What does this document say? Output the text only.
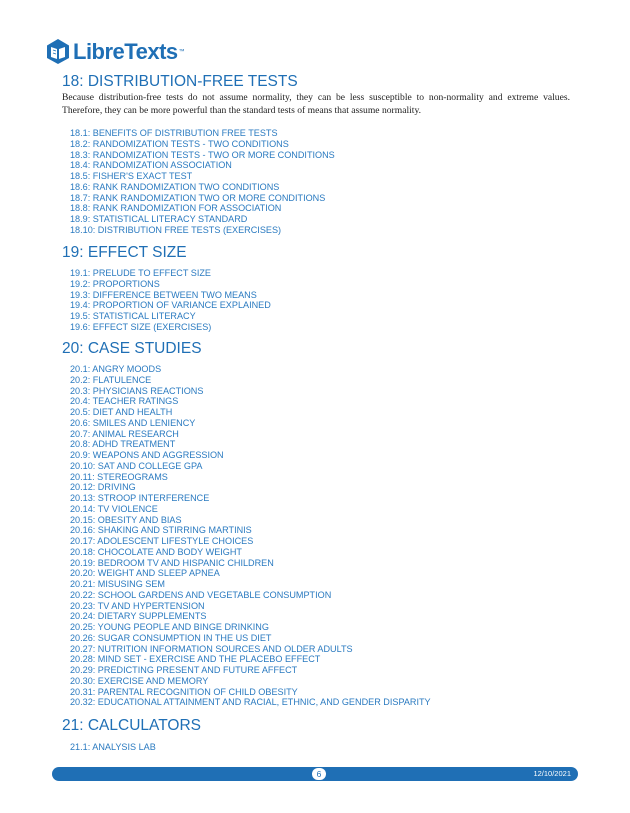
LibreTexts ™
18: DISTRIBUTION-FREE TESTS

Because distribution-free tests do not assume normality, they can be less susceptible to non-normality and extreme values. Therefore, they can be more powerful than the standard tests of means that assume normality.

18.1: BENEFITS OF DISTRIBUTION FREE TESTS
18.2: RANDOMIZATION TESTS - TWO CONDITIONS
18.3: RANDOMIZATION TESTS - TWO OR MORE CONDITIONS
18.4: RANDOMIZATION ASSOCIATION
18.5: FISHER'S EXACT TEST
18.6: RANK RANDOMIZATION TWO CONDITIONS
18.7: RANK RANDOMIZATION TWO OR MORE CONDITIONS
18.8: RANK RANDOMIZATION FOR ASSOCIATION
18.9: STATISTICAL LITERACY STANDARD
18.10: DISTRIBUTION FREE TESTS (EXERCISES)
19: EFFECT SIZE
19.1: PRELUDE TO EFFECT SIZE
19.2: PROPORTIONS
19.3: DIFFERENCE BETWEEN TWO MEANS
19.4: PROPORTION OF VARIANCE EXPLAINED
19.5: STATISTICAL LITERACY
19.6: EFFECT SIZE (EXERCISES)
20: CASE STUDIES
20.1: ANGRY MOODS
20.2: FLATULENCE
20.3: PHYSICIANS REACTIONS
20.4: TEACHER RATINGS
20.5: DIET AND HEALTH
20.6: SMILES AND LENIENCY
20.7: ANIMAL RESEARCH
20.8: ADHD TREATMENT
20.9: WEAPONS AND AGGRESSION
20.10: SAT AND COLLEGE GPA
20.11: STEREOGRAMS
20.12: DRIVING
20.13: STROOP INTERFERENCE
20.14: TV VIOLENCE
20.15: OBESITY AND BIAS
20.16: SHAKING AND STIRRING MARTINIS
20.17: ADOLESCENT LIFESTYLE CHOICES
20.18: CHOCOLATE AND BODY WEIGHT
20.19: BEDROOM TV AND HISPANIC CHILDREN
20.20: WEIGHT AND SLEEP APNEA
20.21: MISUSING SEM
20.22: SCHOOL GARDENS AND VEGETABLE CONSUMPTION
20.23: TV AND HYPERTENSION
20.24: DIETARY SUPPLEMENTS
20.25: YOUNG PEOPLE AND BINGE DRINKING
20.26: SUGAR CONSUMPTION IN THE US DIET
20.27: NUTRITION INFORMATION SOURCES AND OLDER ADULTS
20.28: MIND SET - EXERCISE AND THE PLACEBO EFFECT
20.29: PREDICTING PRESENT AND FUTURE AFFECT
20.30: EXERCISE AND MEMORY
20.31: PARENTAL RECOGNITION OF CHILD OBESITY
20.32: EDUCATIONAL ATTAINMENT AND RACIAL, ETHNIC, AND GENDER DISPARITY
21: CALCULATORS
21.1: ANALYSIS LAB
6	12/10/2021
